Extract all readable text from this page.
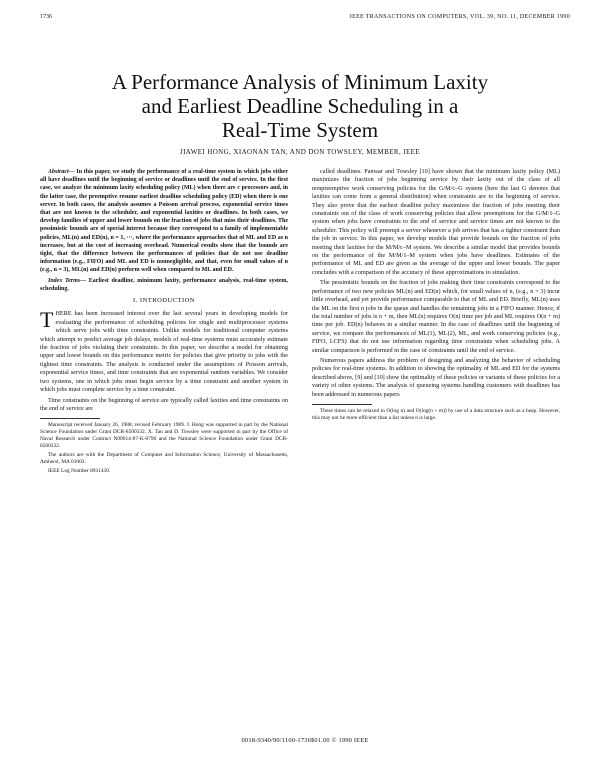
1736	IEEE TRANSACTIONS ON COMPUTERS, VOL. 39, NO. 11, DECEMBER 1990
A Performance Analysis of Minimum Laxity
and Earliest Deadline Scheduling in a
Real-Time System
JIAWEI HONG, XIAONAN TAN, AND DON TOWSLEY, MEMBER, IEEE

Abstract— In this paper, we study the performance of a real-time system in which jobs either all have deadlines until the beginning of service or deadlines until the end of service. In the first case, we analyze the minimum laxity scheduling policy (ML) when there are c processors and, in the latter case, the preemptive resume earliest deadline scheduling policy (ED) when there is one server. In both cases, the analysis assumes a Poisson arrival process, exponential service times that are not known to the scheduler, and exponential laxities or deadlines. In both cases, we develop families of upper and lower bounds on the fraction of jobs that miss their deadlines. The pessimistic bounds are of special interest because they correspond to a family of implementable policies, ML(n) and ED(n), n = 1, ···, where the performance approaches that of ML and ED as n increases, but at the cost of increasing overhead. Numerical results show that the bounds are tight, that the difference between the performances of policies that do not use deadline information (e.g., FIFO) and ML and ED is nonnegligible, and that, even for small values of n (e.g., n = 3), ML(n) and ED(n) perform well when compared to ML and ED.

Index Terms— Earliest deadline, minimum laxity, performance analysis, real-time system, scheduling.

I. INTRODUCTION

T HERE has been increased interest over the last several years in developing models for evaluating the performance of scheduling policies for single and multiprocessor systems which serve jobs with time constraints. Unlike models for traditional computer systems which attempt to predict average job delays, models of real-time systems must accurately estimate the fraction of jobs violating their constraints. In this paper, we describe a model for obtaining upper and lower bounds on this performance metric for policies that give priority to jobs with the tightest time constraints. The analysis is conducted under the assumptions of Poisson arrivals, exponential service times, and time constraints that are exponential random variables. We consider two systems, one in which jobs must begin service by a time constraint and another system in which jobs must complete service by a time constraint.

Time constraints on the beginning of service are typically called laxities and time constraints on the end of service are

Manuscript received January 26, 1988; revised February 1989. J. Hong was supported in part by the National Science Foundation under Grant DCR-8500332. X. Tan and D. Towsley were supported in part by the Office of Naval Research under Contract N00014-87-K-0796 and the National Science Foundation under Grant DCR-8500332.

The authors are with the Department of Computer and Information Science, University of Massachusetts, Amherst, MA 01003.

IEEE Log Number 8931430.

called deadlines. Panwar and Towsley [10] have shown that the minimum laxity policy (ML) maximizes the fraction of jobs beginning service by their laxity out of the class of all nonpreemptive work conserving policies for the G/M/c–G system (here the last G denotes that laxities can come from a general distribution) when constraints are to the beginning of service. They also prove that the earliest deadline policy maximizes the fraction of jobs meeting their constraints out of the class of work conserving policies that allow preemptions for the G/M/1–G system when jobs have constraints to the end of service and service times are not known to the scheduler. This policy will preempt a server whenever a job arrives that has a tighter constraint than the job in service. In this paper, we develop models that provide bounds on the fraction of jobs meeting their laxities for the M/M/c–M system. We describe a similar model that provides bounds on the performance of the M/M/1–M system when jobs have deadlines. Estimates of the performance of ML and ED are given as the average of the upper and lower bounds. The paper concludes with a comparison of the accuracy of these approximations to simulation.

The pessimistic bounds on the fraction of jobs making their time constraints correspond to the performance of two new policies ML(n) and ED(n) which, for small values of n, (e.g., n = 3) incur little overhead, and yet provide performance comparable to that of ML and ED. Briefly, ML(n) uses the ML on the first n jobs in the queue and handles the remaining jobs in a FIFO manner. Hence, if the total number of jobs is n + m, then ML(n) requires O(n) time per job and ML requires O(n + m) time per job. ED(n) behaves in a similar manner. In the case of deadlines until the beginning of service, we compare the performances of ML(1), ML(2), ML, and work conserving policies (e.g., FIFO, LCFS) that do not use information regarding time constraints when scheduling jobs. A similar comparison is performed in the case of constraints until the end of service.

Numerous papers address the problem of designing and analyzing the behavior of scheduling policies for real-time systems. In addition to showing the optimality of ML and ED for the systems described above, [9] and [10] show the optimality of these policies or variants of these policies for a variety of other systems. The analysis of queueing systems handling customers with deadlines has been addressed in numerous papers

These times can be relaxed to O(log n) and O(log(n + m)) by use of a data structure such as a heap. However, this may not be more efficient than a list unless n is large.

0018-9340/90/1100-1736$01.00 © 1990 IEEE
